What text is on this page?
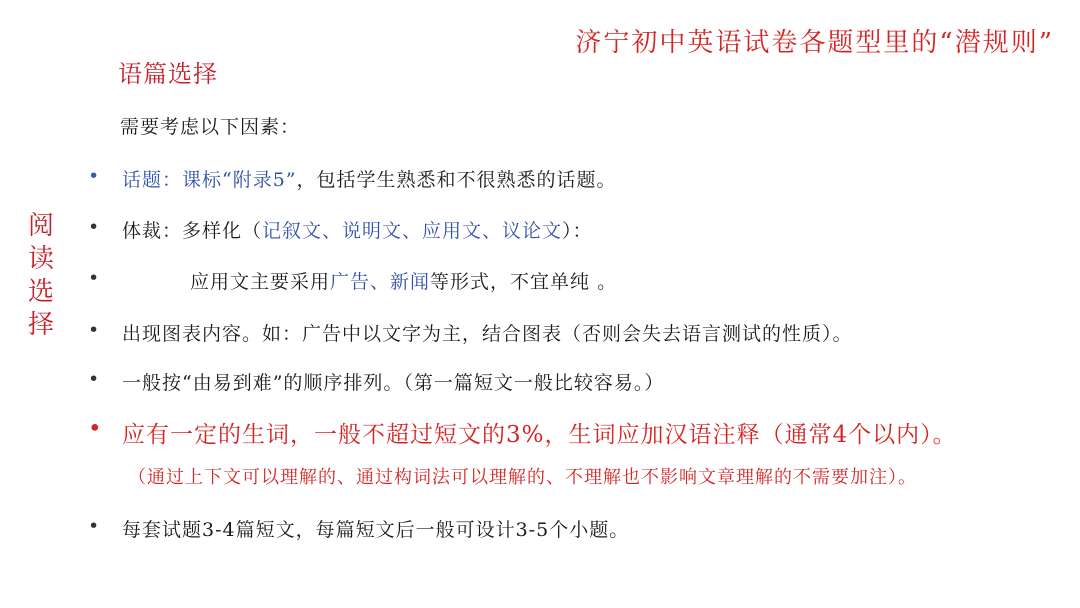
济宁初中英语试卷各题型里的“潜规则”
语篇选择
阅
读
选
择
需要考虑以下因素：
•	话题：课标“附录5”，包括学生熟悉和不很熟悉的话题。
•	体裁：多样化（记叙文、说明文、应用文、议论文）：
•	应用文主要采用广告、新闻等形式，不宜单纯 。
•	出现图表内容。如：广告中以文字为主，结合图表（否则会失去语言测试的性质）。
•	一般按“由易到难”的顺序排列。（第一篇短文一般比较容易。）
• 应有一定的生词，一般不超过短文的3%，生词应加汉语注释（通常4个以内）。
（通过上下文可以理解的、通过构词法可以理解的、不理解也不影响文章理解的不需要加注）。
•	每套试题3-4篇短文，每篇短文后一般可设计3-5个小题。
